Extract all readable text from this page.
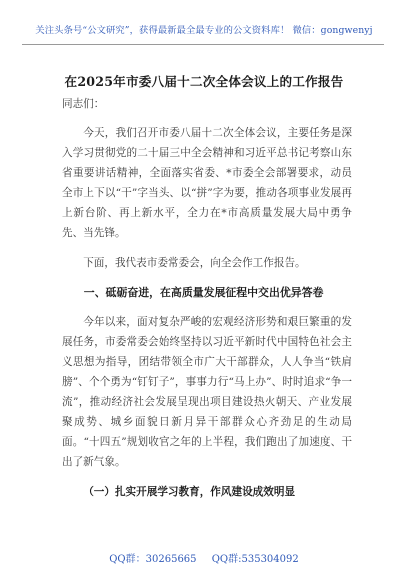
关注头条号“公文研究”，获得最新最全最专业的公文资料库！ 微信：gongwenyj
在2025年市委八届十二次全体会议上的工作报告

同志们：

今天，我们召开市委八届十二次全体会议，主要任务是深入学习贯彻党的二十届三中全会精神和习近平总书记考察山东省重要讲话精神，全面落实省委、*市委全会部署要求，动员全市上下以“干”字当头、以“拼”字为要，推动各项事业发展再上新台阶、再上新水平，全力在*市高质量发展大局中勇争先、当先锋。

下面，我代表市委常委会，向全会作工作报告。

一、砥砺奋进，在高质量发展征程中交出优异答卷

今年以来，面对复杂严峻的宏观经济形势和艰巨繁重的发展任务，市委常委会始终坚持以习近平新时代中国特色社会主义思想为指导，团结带领全市广大干部群众，人人争当“铁肩膀”、个个勇为“钉钉子”，事事力行“马上办”、时时追求“争一流”，推动经济社会发展呈现出项目建设热火朝天、产业发展聚成势、城乡面貌日新月异干部群众心齐劲足的生动局面。“十四五”规划收官之年的上半程，我们跑出了加速度、干出了新气象。

（一）扎实开展学习教育，作风建设成效明显

QQ群：30265665 QQ群:535304092
